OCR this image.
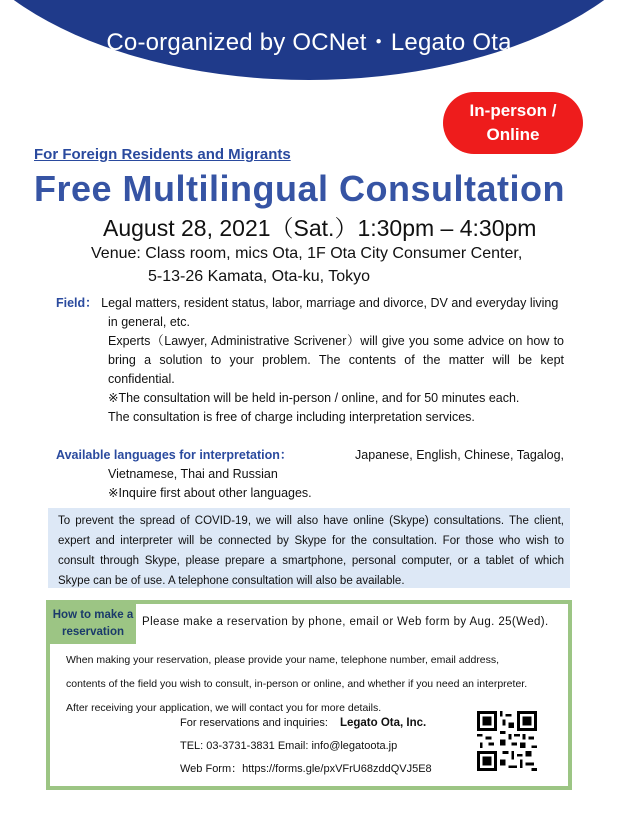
Co-organized by OCNet・Legato Ota
In-person /
Online
For Foreign Residents and Migrants
Free Multilingual Consultation
August 28, 2021（Sat.）1:30pm – 4:30pm
Venue: Class room, mics Ota, 1F Ota City Consumer Center,
5-13-26 Kamata, Ota-ku, Tokyo
Field： Legal matters, resident status, labor, marriage and divorce, DV and everyday living
in general, etc.
Experts（Lawyer, Administrative Scrivener）will give you some advice on how to bring a solution to your problem. The contents of the matter will be kept confidential.
※The consultation will be held in-person / online, and for 50 minutes each.
The consultation is free of charge including interpretation services.
Available languages for interpretation：	Japanese, English, Chinese, Tagalog,
Vietnamese, Thai and Russian
※Inquire first about other languages.
To prevent the spread of COVID-19, we will also have online (Skype) consultations. The client, expert and interpreter will be connected by Skype for the consultation. For those who wish to consult through Skype, please prepare a smartphone, personal computer, or a tablet of which Skype can be of use. A telephone consultation will also be available.
How to make a
reservation
Please make a reservation by phone, email or Web form by Aug. 25(Wed).
When making your reservation, please provide your name, telephone number, email address,
contents of the field you wish to consult, in-person or online, and whether if you need an interpreter.
After receiving your application, we will contact you for more details.
For reservations and inquiries: Legato Ota, Inc.
TEL: 03-3731-3831 Email: info@legatoota.jp
Web Form：https://forms.gle/pxVFrU68zddQVJ5E8
